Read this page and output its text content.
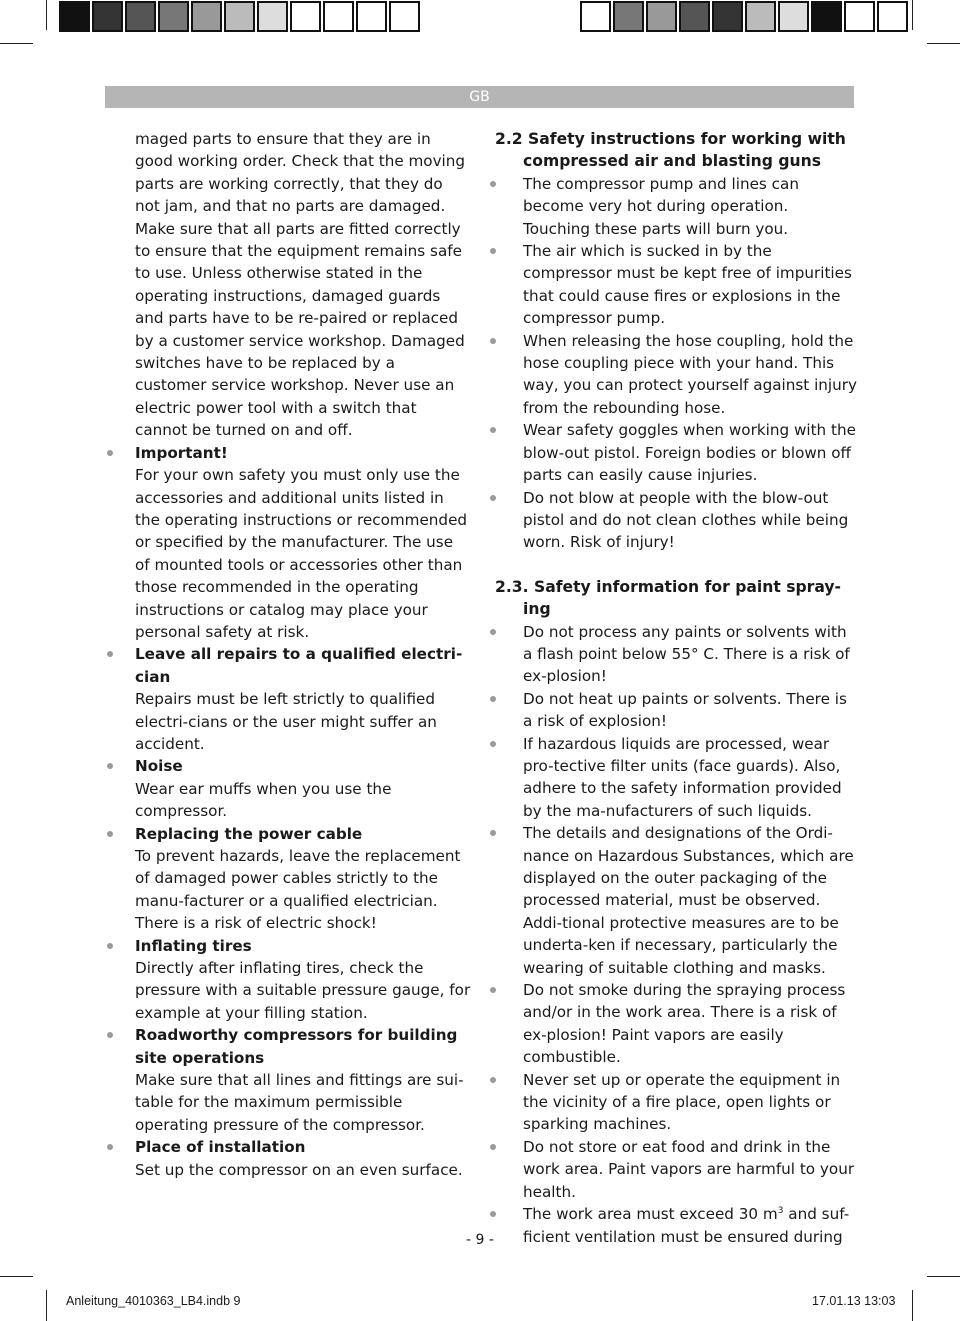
GB

maged parts to ensure that they are in good working order. Check that the moving parts are working correctly, that they do not jam, and that no parts are damaged. Make sure that all parts are fitted correctly to ensure that the equipment remains safe to use. Unless otherwise stated in the operating instructions, damaged guards and parts have to be re-paired or replaced by a customer service workshop. Damaged switches have to be replaced by a customer service workshop. Never use an electric power tool with a switch that cannot be turned on and off.

Important!

For your own safety you must only use the accessories and additional units listed in the operating instructions or recommended or specified by the manufacturer. The use of mounted tools or accessories other than those recommended in the operating instructions or catalog may place your personal safety at risk.

Leave all repairs to a qualified electri-cian

Repairs must be left strictly to qualified electri-cians or the user might suffer an accident.

Noise

Wear ear muffs when you use the compressor.

Replacing the power cable

To prevent hazards, leave the replacement of damaged power cables strictly to the manu-facturer or a qualified electrician. There is a risk of electric shock!

Inflating tires

Directly after inflating tires, check the pressure with a suitable pressure gauge, for example at your filling station.

Roadworthy compressors for building site operations

Make sure that all lines and fittings are sui-table for the maximum permissible operating pressure of the compressor.

Place of installation

Set up the compressor on an even surface.

2.2 Safety instructions for working with compressed air and blasting guns

The compressor pump and lines can become very hot during operation. Touching these parts will burn you.

The air which is sucked in by the compressor must be kept free of impurities that could cause fires or explosions in the compressor pump.

When releasing the hose coupling, hold the hose coupling piece with your hand. This way, you can protect yourself against injury from the rebounding hose.

Wear safety goggles when working with the blow-out pistol. Foreign bodies or blown off parts can easily cause injuries.

Do not blow at people with the blow-out pistol and do not clean clothes while being worn. Risk of injury!

2.3. Safety information for paint spray-ing

Do not process any paints or solvents with a flash point below 55° C. There is a risk of ex-plosion!

Do not heat up paints or solvents. There is a risk of explosion!

If hazardous liquids are processed, wear pro-tective filter units (face guards). Also, adhere to the safety information provided by the ma-nufacturers of such liquids.

The details and designations of the Ordi-nance on Hazardous Substances, which are displayed on the outer packaging of the processed material, must be observed. Addi-tional protective measures are to be underta-ken if necessary, particularly the wearing of suitable clothing and masks.

Do not smoke during the spraying process and/or in the work area. There is a risk of ex-plosion! Paint vapors are easily combustible.

Never set up or operate the equipment in the vicinity of a fire place, open lights or sparking machines.

Do not store or eat food and drink in the work area. Paint vapors are harmful to your health.

The work area must exceed 30 $m^3$ and suf-ficient ventilation must be ensured during

- 9 -
Anleitung_4010363_LB4.indb 9	17.01.13 13:03
